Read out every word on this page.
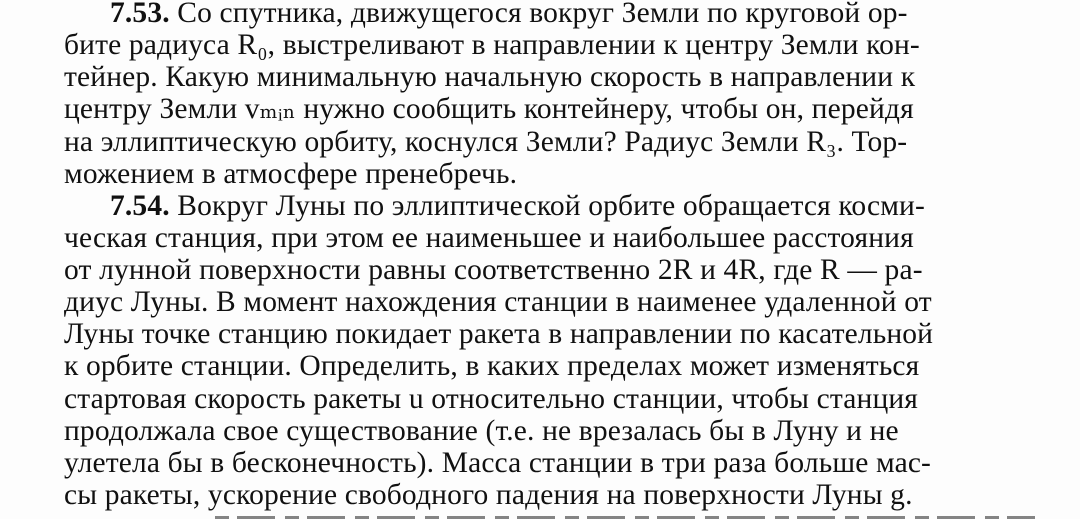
7.53. Со спутника, движущегося вокруг Земли по круговой ор-
бите радиуса R₀, выстреливают в направлении к центру Земли кон-
тейнер. Какую минимальную начальную скорость в направлении к
центру Земли vₘᵢₙ нужно сообщить контейнеру, чтобы он, перейдя
на эллиптическую орбиту, коснулся Земли? Радиус Земли R₃. Тор-
можением в атмосфере пренебречь.
7.54. Вокруг Луны по эллиптической орбите обращается косми-
ческая станция, при этом ее наименьшее и наибольшее расстояния
от лунной поверхности равны соответственно 2R и 4R, где R — ра-
диус Луны. В момент нахождения станции в наименее удаленной от
Луны точке станцию покидает ракета в направлении по касательной
к орбите станции. Определить, в каких пределах может изменяться
стартовая скорость ракеты u относительно станции, чтобы станция
продолжала свое существование (т.е. не врезалась бы в Луну и не
улетела бы в бесконечность). Масса станции в три раза больше мас-
сы ракеты, ускорение свободного падения на поверхности Луны g.
